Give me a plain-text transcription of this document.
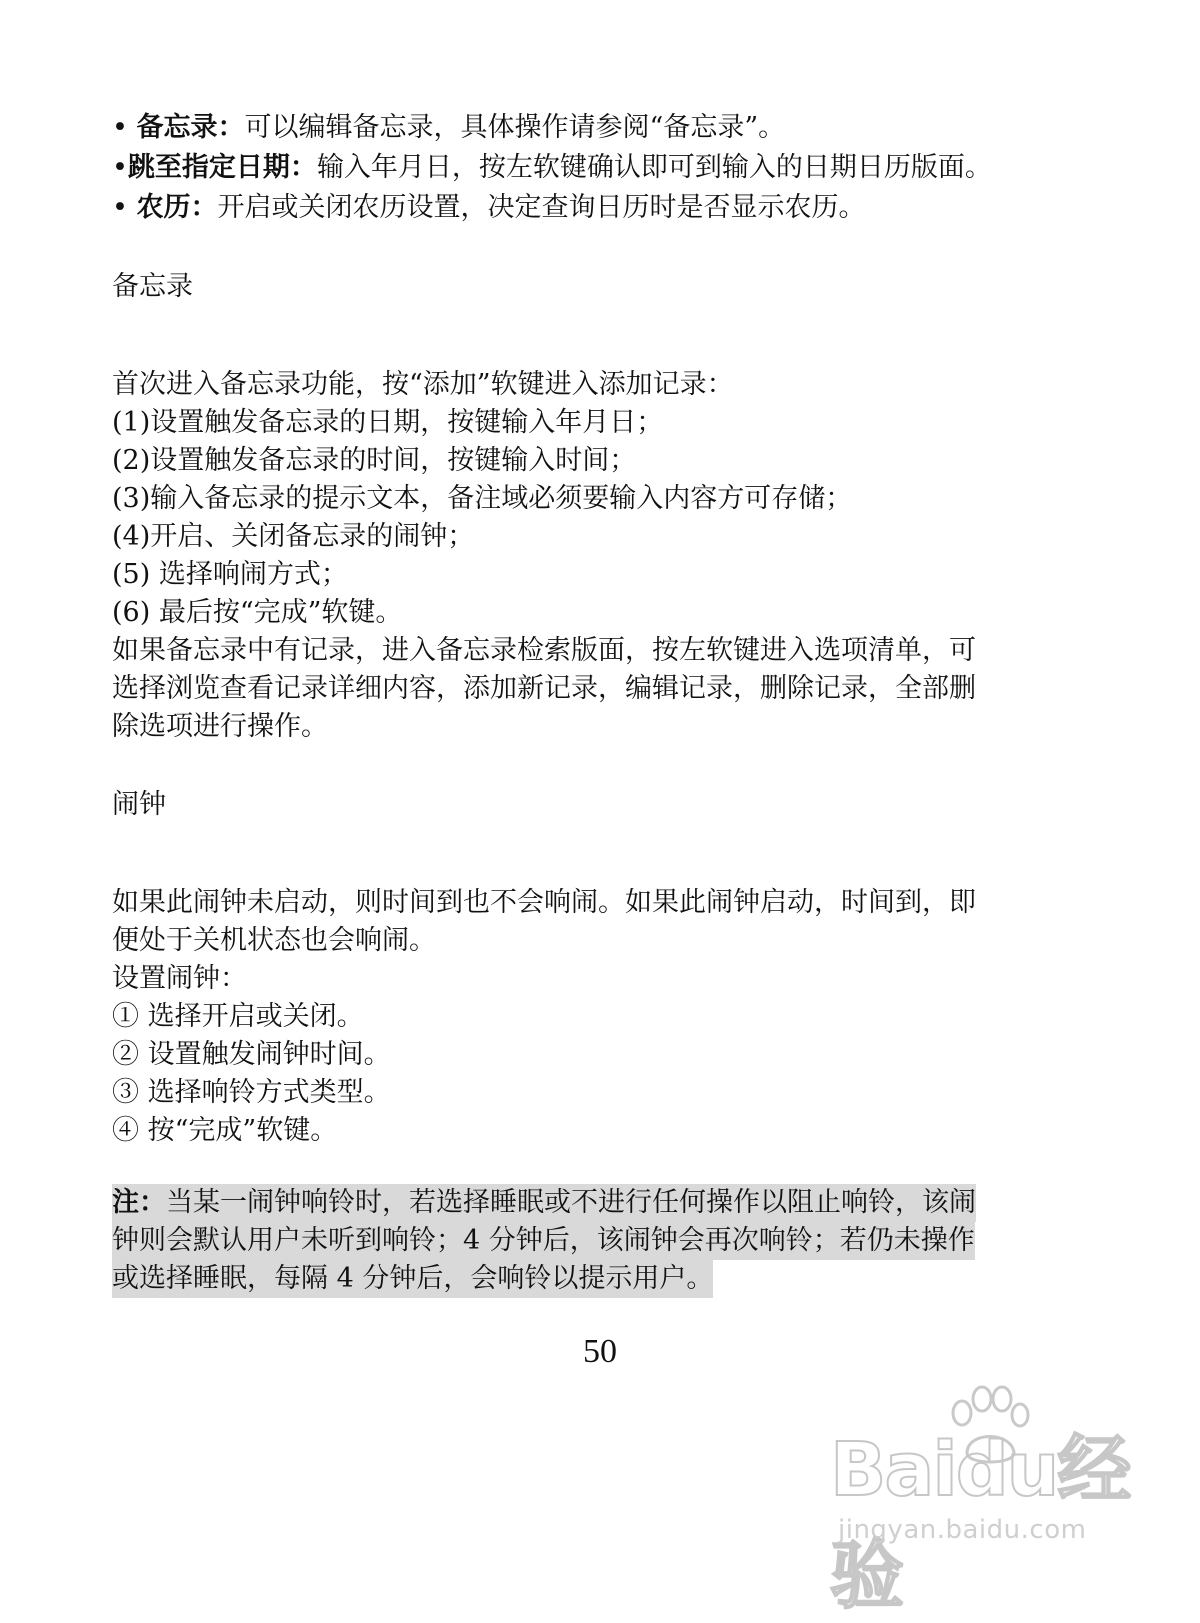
• 备忘录：可以编辑备忘录，具体操作请参阅“备忘录”。
•跳至指定日期：输入年月日，按左软键确认即可到输入的日期日历版面。
• 农历：开启或关闭农历设置，决定查询日历时是否显示农历。

备忘录

首次进入备忘录功能，按“添加”软键进入添加记录：

(1)设置触发备忘录的日期，按键输入年月日；

(2)设置触发备忘录的时间，按键输入时间；

(3)输入备忘录的提示文本，备注域必须要输入内容方可存储；

(4)开启、关闭备忘录的闹钟；

(5) 选择响闹方式；

(6) 最后按“完成”软键。

如果备忘录中有记录，进入备忘录检索版面，按左软键进入选项清单，可

选择浏览查看记录详细内容，添加新记录，编辑记录，删除记录，全部删

除选项进行操作。

闹钟

如果此闹钟未启动，则时间到也不会响闹。如果此闹钟启动，时间到，即

便处于关机状态也会响闹。

设置闹钟：

① 选择开启或关闭。

② 设置触发闹钟时间。

③ 选择响铃方式类型。

④ 按“完成”软键。

注：当某一闹钟响铃时，若选择睡眠或不进行任何操作以阻止响铃，该闹
钟则会默认用户未听到响铃；4 分钟后，该闹钟会再次响铃；若仍未操作
或选择睡眠，每隔 4 分钟后，会响铃以提示用户。
50
Baidu经验
jingyan.baidu.com
